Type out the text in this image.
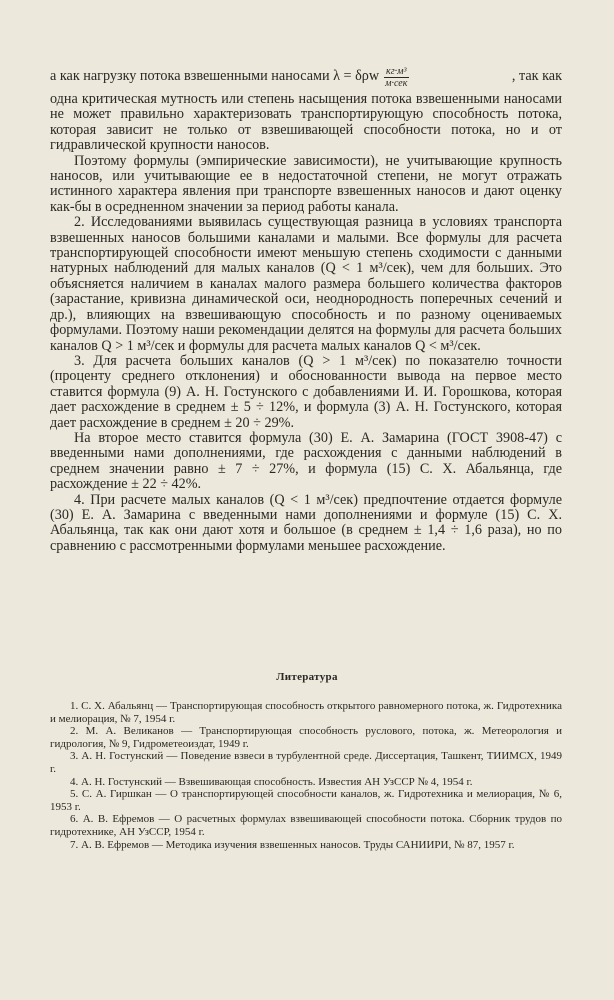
а как нагрузку потока взвешенными наносами λ = δρw $\frac{\text{кг·м³}}{\text{м·сек}}$	, так как

одна критическая мутность или степень насыщения потока взвешенными наносами не может правильно характеризовать транспортирующую способность потока, которая зависит не только от взвешивающей способности потока, но и от гидравлической крупности наносов.

Поэтому формулы (эмпирические зависимости), не учитывающие крупность наносов, или учитывающие ее в недостаточной степени, не могут отражать истинного характера явления при транспорте взвешенных наносов и дают оценку как-бы в осредненном значении за период работы канала.

2. Исследованиями выявилась существующая разница в условиях транспорта взвешенных наносов большими каналами и малыми. Все формулы для расчета транспортирующей способности имеют меньшую степень сходимости с данными натурных наблюдений для малых каналов (Q < 1 м³/сек), чем для больших. Это объясняется наличием в каналах малого размера большего количества факторов (зарастание, кривизна динамической оси, неоднородность поперечных сечений и др.), влияющих на взвешивающую способность и по разному оцениваемых формулами. Поэтому наши рекомендации делятся на формулы для расчета больших каналов Q > 1 м³/сек и формулы для расчета малых каналов Q < м³/сек.

3. Для расчета больших каналов (Q > 1 м³/сек) по показателю точности (проценту среднего отклонения) и обоснованности вывода на первое место ставится формула (9) А. Н. Гостунского с добавлениями И. И. Горошкова, которая дает расхождение в среднем ± 5 ÷ 12%, и формула (3) А. Н. Гостунского, которая дает расхождение в среднем ± 20 ÷ 29%.

На второе место ставится формула (30) Е. А. Замарина (ГОСТ 3908-47) с введенными нами дополнениями, где расхождения с данными наблюдений в среднем значении равно ± 7 ÷ 27%, и формула (15) С. Х. Абальянца, где расхождение ± 22 ÷ 42%.

4. При расчете малых каналов (Q < 1 м³/сек) предпочтение отдается формуле (30) Е. А. Замарина с введенными нами дополнениями и формуле (15) С. Х. Абальянца, так как они дают хотя и большое (в среднем ± 1,4 ÷ 1,6 раза), но по сравнению с рассмотренными формулами меньшее расхождение.

Литература

1. С. Х. Абальянц — Транспортирующая способность открытого равномерного потока, ж. Гидротехника и мелиорация, № 7, 1954 г.

2. М. А. Великанов — Транспортирующая способность руслового, потока, ж. Метеорология и гидрология, № 9, Гидрометеоиздат, 1949 г.

3. А. Н. Гостунский — Поведение взвеси в турбулентной среде. Диссертация, Ташкент, ТИИМСХ, 1949 г.

4. А. Н. Гостунский — Взвешивающая способность. Известия АН УзССР № 4, 1954 г.

5. С. А. Гиршкан — О транспортирующей способности каналов, ж. Гидротехника и мелиорация, № 6, 1953 г.

6. А. В. Ефремов — О расчетных формулах взвешивающей способности потока. Сборник трудов по гидротехнике, АН УзССР, 1954 г.

7. А. В. Ефремов — Методика изучения взвешенных наносов. Труды САНИИРИ, № 87, 1957 г.
